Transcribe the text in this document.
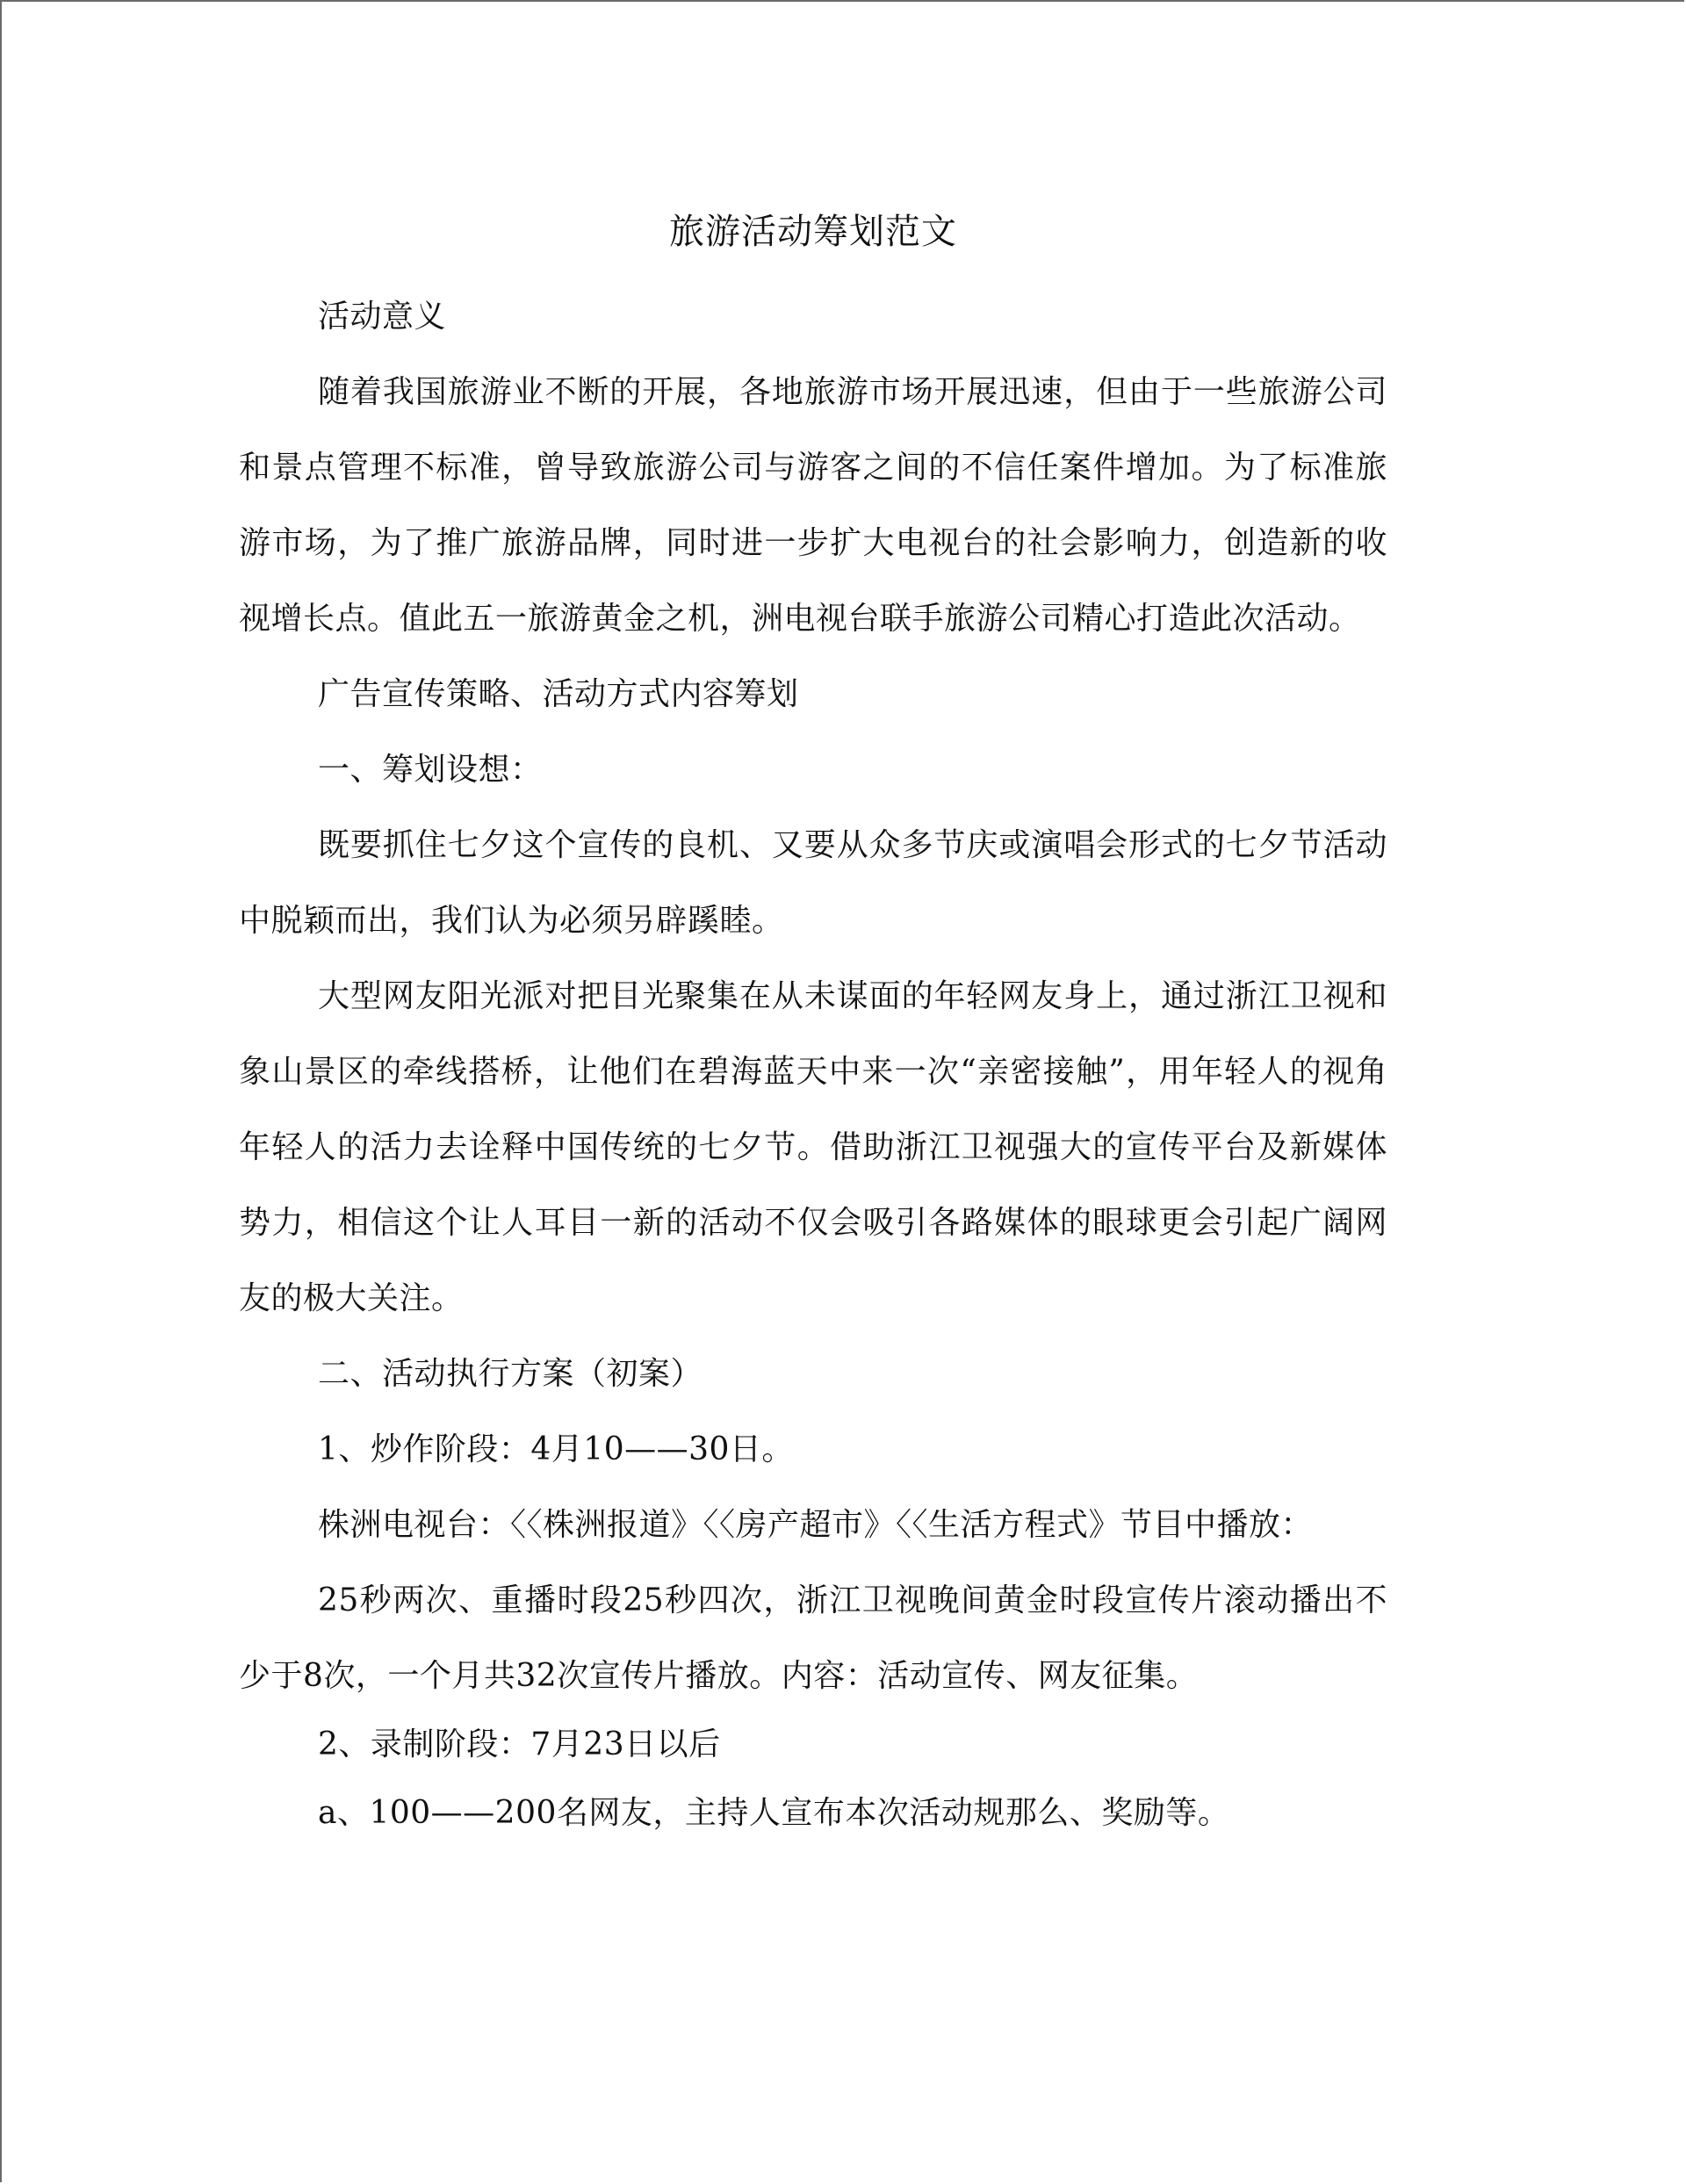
旅游活动筹划范文

活动意义

随着我国旅游业不断的开展，各地旅游市场开展迅速，但由于一些旅游公司和景点管理不标准，曾导致旅游公司与游客之间的不信任案件增加。为了标准旅游市场，为了推广旅游品牌，同时进一步扩大电视台的社会影响力，创造新的收视增长点。值此五一旅游黄金之机，洲电视台联手旅游公司精心打造此次活动。

广告宣传策略、活动方式内容筹划

一、筹划设想：

既要抓住七夕这个宣传的良机、又要从众多节庆或演唱会形式的七夕节活动中脱颖而出，我们认为必须另辟蹊睦。

大型网友阳光派对把目光聚集在从未谋面的年轻网友身上，通过浙江卫视和象山景区的牵线搭桥，让他们在碧海蓝天中来一次“亲密接触”，用年轻人的视角年轻人的活力去诠释中国传统的七夕节。借助浙江卫视强大的宣传平台及新媒体势力，相信这个让人耳目一新的活动不仅会吸引各路媒体的眼球更会引起广阔网友的极大关注。

二、活动执行方案（初案）

1、炒作阶段：4月10——30日。

株洲电视台：〈〈株洲报道》〈〈房产超市》〈〈生活方程式》节目中播放：

25秒两次、重播时段25秒四次，浙江卫视晚间黄金时段宣传片滚动播出不少于8次，一个月共32次宣传片播放。内容：活动宣传、网友征集。

2、录制阶段：7月23日以后

a、100——200名网友，主持人宣布本次活动规那么、奖励等。
